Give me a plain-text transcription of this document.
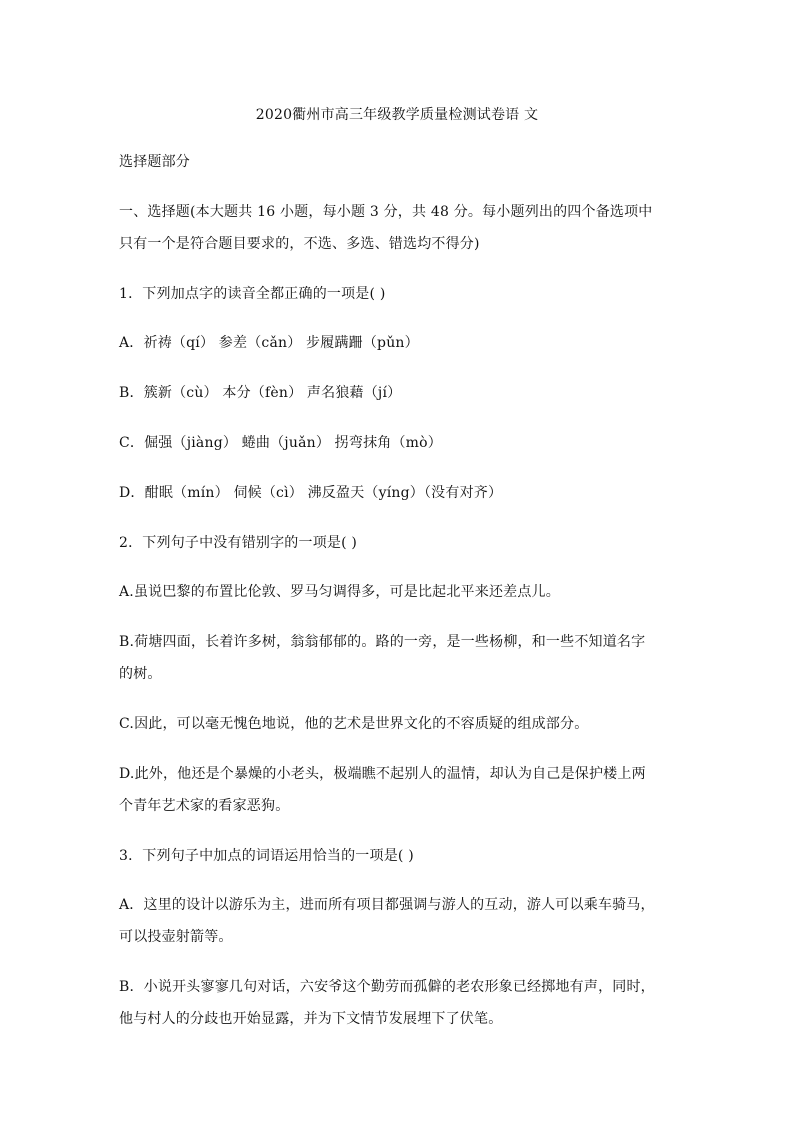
2020衢州市高三年级教学质量检测试卷语 文
选择题部分
一、选择题(本大题共 16 小题，每小题 3 分，共 48 分。每小题列出的四个备选项中
只有一个是符合题目要求的，不选、多选、错选均不得分)
1．下列加点字的读音全都正确的一项是( )
A．祈祷（qí） 参差（cǎn） 步履蹒跚（pǔn）
B．簇新（cù） 本分（fèn） 声名狼藉（jí）
C．倔强（jiàng） 蜷曲（juǎn） 拐弯抹角（mò）
D．酣眠（mín） 伺候（cì） 沸反盈天（yíng）（没有对齐）
2．下列句子中没有错别字的一项是( )
A.虽说巴黎的布置比伦敦、罗马匀调得多，可是比起北平来还差点儿。
B.荷塘四面，长着许多树，翁翁郁郁的。路的一旁，是一些杨柳，和一些不知道名字
的树。
C.因此，可以毫无愧色地说，他的艺术是世界文化的不容质疑的组成部分。
D.此外，他还是个暴燥的小老头，极端瞧不起别人的温情，却认为自己是保护楼上两
个青年艺术家的看家恶狗。
3．下列句子中加点的词语运用恰当的一项是( )
A．这里的设计以游乐为主，进而所有项目都强调与游人的互动，游人可以乘车骑马，
可以投壶射箭等。
B．小说开头寥寥几句对话，六安爷这个勤劳而孤僻的老农形象已经掷地有声，同时，
他与村人的分歧也开始显露，并为下文情节发展埋下了伏笔。
